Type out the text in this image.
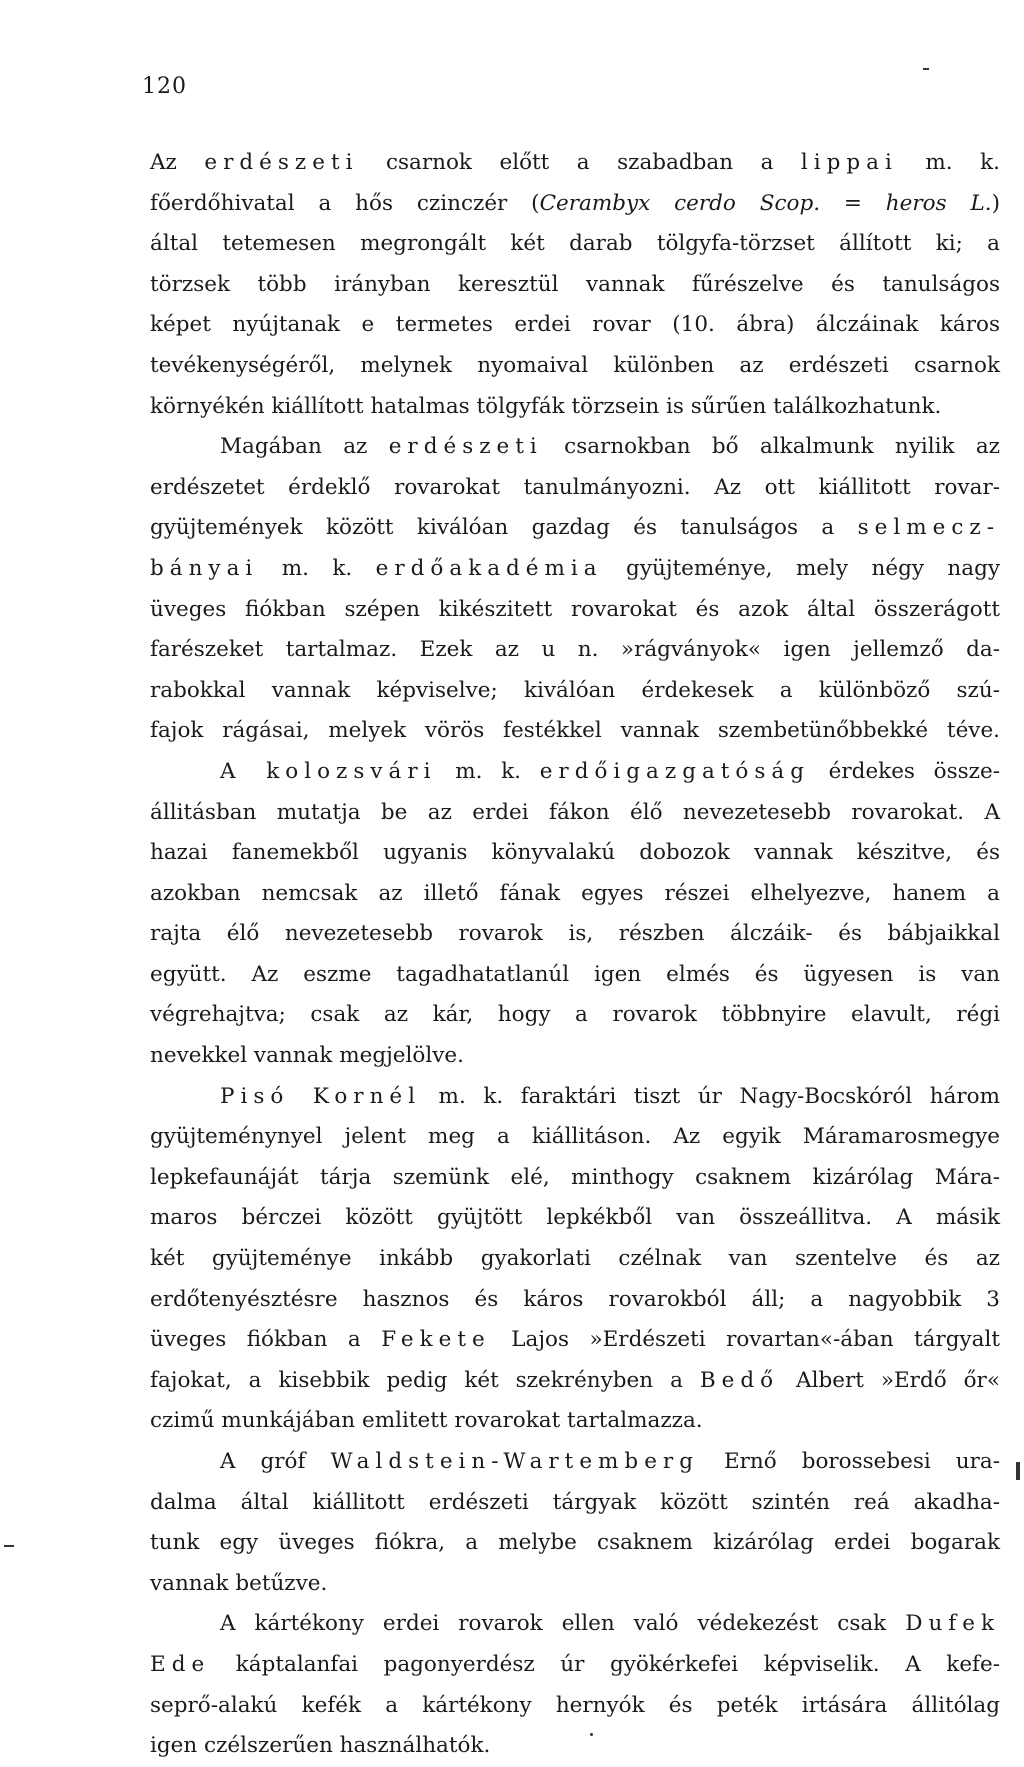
120
Az erdészeti csarnok előtt a szabadban a lippai m. k.
főerdőhivatal a hős czinczér (Cerambyx cerdo Scop. = heros L.)
által tetemesen megrongált két darab tölgyfa-törzset állított ki; a
törzsek több irányban keresztül vannak fűrészelve és tanulságos
képet nyújtanak e termetes erdei rovar (10. ábra) álczáinak káros
tevékenységéről, melynek nyomaival különben az erdészeti csarnok
környékén kiállított hatalmas tölgyfák törzsein is sűrűen találkozhatunk.
Magában az erdészeti csarnokban bő alkalmunk nyilik az
erdészetet érdeklő rovarokat tanulmányozni. Az ott kiállitott rovar-
gyüjtemények között kiválóan gazdag és tanulságos a selmecz-
bányai m. k. erdőakadémia gyüjteménye, mely négy nagy
üveges fiókban szépen kikészitett rovarokat és azok által összerágott
farészeket tartalmaz. Ezek az u n. »rágványok« igen jellemző da-
rabokkal vannak képviselve; kiválóan érdekesek a különböző szú-
fajok rágásai, melyek vörös festékkel vannak szembetünőbbekké téve.
A kolozsvári m. k. erdőigazgatóság érdekes össze-
állitásban mutatja be az erdei fákon élő nevezetesebb rovarokat. A
hazai fanemekből ugyanis könyvalakú dobozok vannak készitve, és
azokban nemcsak az illető fának egyes részei elhelyezve, hanem a
rajta élő nevezetesebb rovarok is, részben álczáik- és bábjaikkal
együtt. Az eszme tagadhatatlanúl igen elmés és ügyesen is van
végrehajtva; csak az kár, hogy a rovarok többnyire elavult, régi
nevekkel vannak megjelölve.
Pisó Kornél m. k. faraktári tiszt úr Nagy-Bocskóról három
gyüjteménynyel jelent meg a kiállitáson. Az egyik Máramarosmegye
lepkefaunáját tárja szemünk elé, minthogy csaknem kizárólag Mára-
maros bérczei között gyüjtött lepkékből van összeállitva. A másik
két gyüjteménye inkább gyakorlati czélnak van szentelve és az
erdőtenyésztésre hasznos és káros rovarokból áll; a nagyobbik 3
üveges fiókban a Fekete Lajos »Erdészeti rovartan«-ában tárgyalt
fajokat, a kisebbik pedig két szekrényben a Bedő Albert »Erdő őr«
czimű munkájában emlitett rovarokat tartalmazza.
A gróf Waldstein-Wartemberg Ernő borossebesi ura-
dalma által kiállitott erdészeti tárgyak között szintén reá akadha-
tunk egy üveges fiókra, a melybe csaknem kizárólag erdei bogarak
vannak betűzve.
A kártékony erdei rovarok ellen való védekezést csak Dufek
Ede káptalanfai pagonyerdész úr gyökérkefei képviselik. A kefe-
seprő-alakú kefék a kártékony hernyók és peték irtására állitólag
igen czélszerűen használhatók.
